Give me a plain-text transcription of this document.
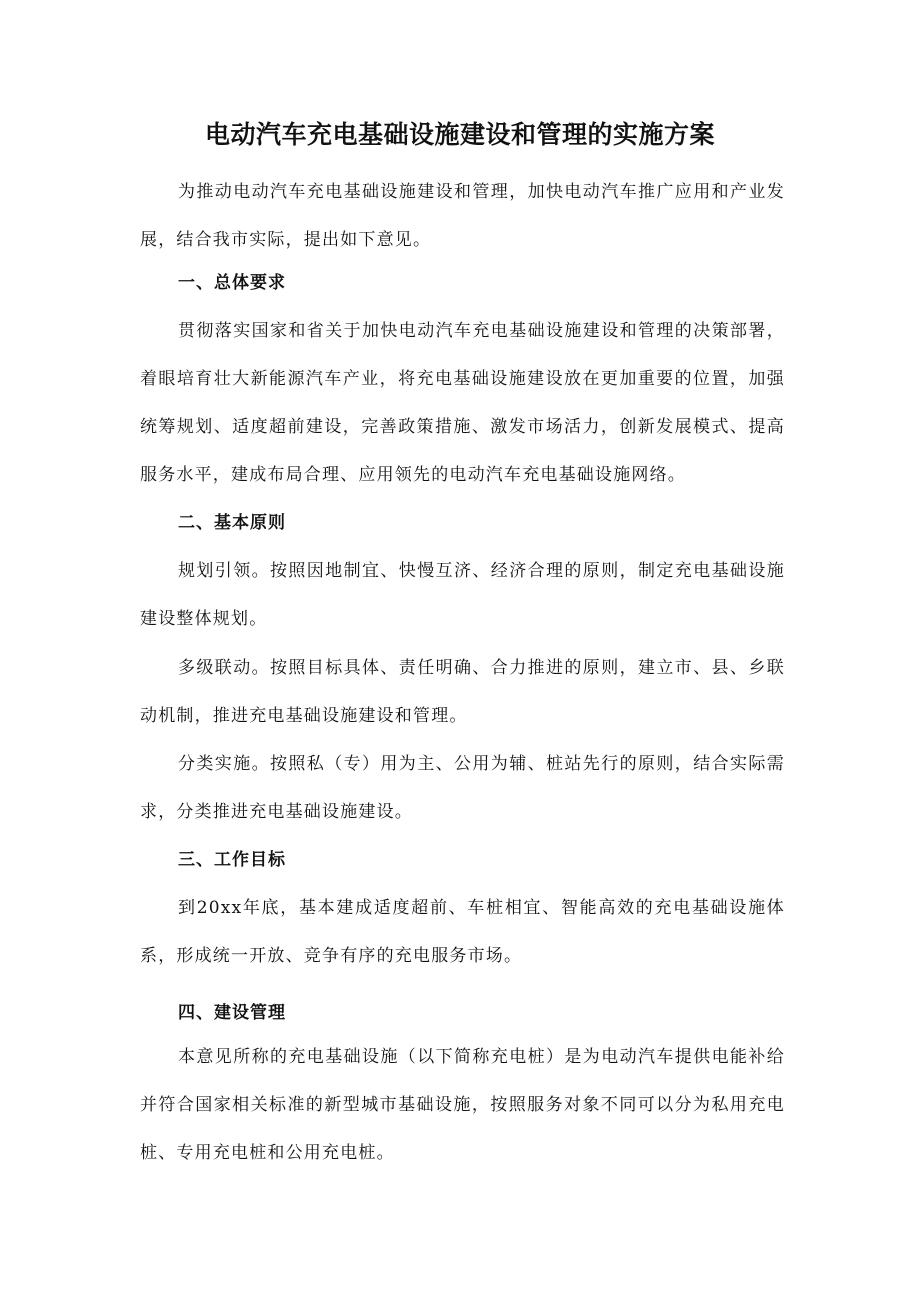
电动汽车充电基础设施建设和管理的实施方案

为推动电动汽车充电基础设施建设和管理，加快电动汽车推广应用和产业发展，结合我市实际，提出如下意见。

一、总体要求

贯彻落实国家和省关于加快电动汽车充电基础设施建设和管理的决策部署，着眼培育壮大新能源汽车产业，将充电基础设施建设放在更加重要的位置，加强统筹规划、适度超前建设，完善政策措施、激发市场活力，创新发展模式、提高服务水平，建成布局合理、应用领先的电动汽车充电基础设施网络。

二、基本原则

规划引领。按照因地制宜、快慢互济、经济合理的原则，制定充电基础设施建设整体规划。

多级联动。按照目标具体、责任明确、合力推进的原则，建立市、县、乡联动机制，推进充电基础设施建设和管理。

分类实施。按照私（专）用为主、公用为辅、桩站先行的原则，结合实际需求，分类推进充电基础设施建设。

三、工作目标

到20xx年底，基本建成适度超前、车桩相宜、智能高效的充电基础设施体系，形成统一开放、竞争有序的充电服务市场。

四、建设管理

本意见所称的充电基础设施（以下简称充电桩）是为电动汽车提供电能补给并符合国家相关标准的新型城市基础设施，按照服务对象不同可以分为私用充电桩、专用充电桩和公用充电桩。
